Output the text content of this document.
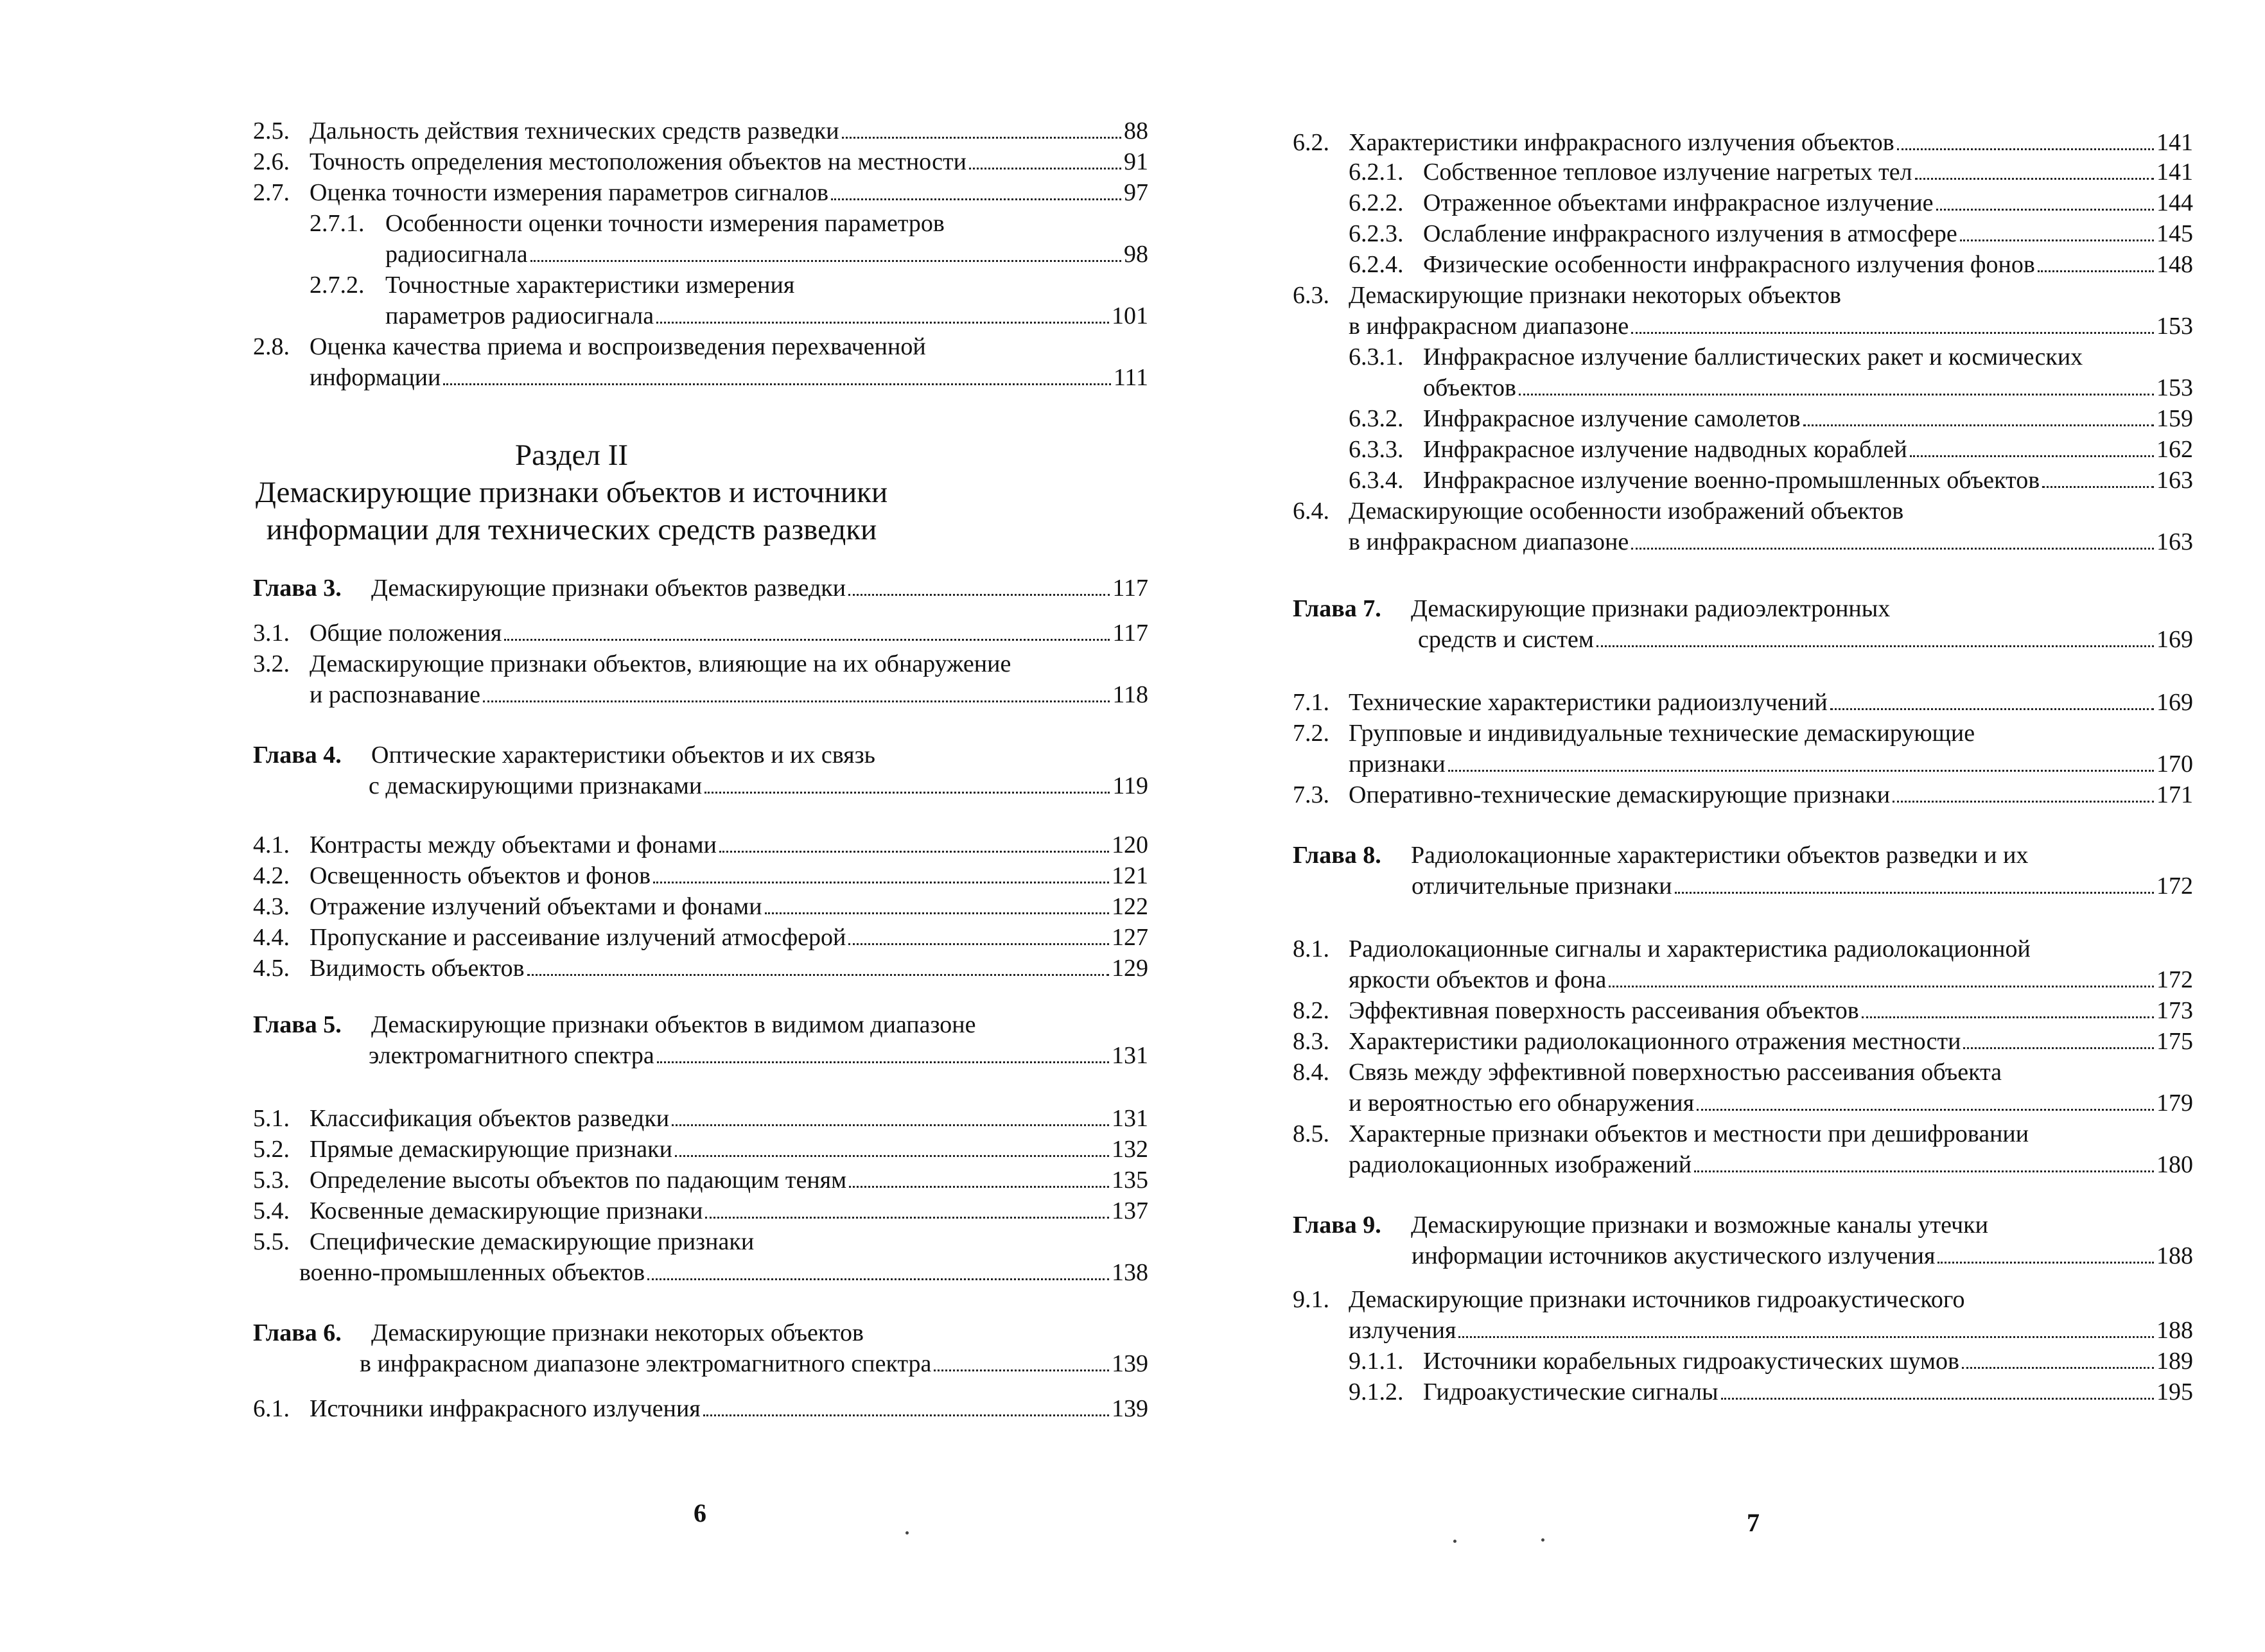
2.5. Дальность действия технических средств разведки	88
2.6. Точность определения местоположения объектов на местности	91
2.7. Оценка точности измерения параметров сигналов	97
2.7.1. Особенности оценки точности измерения параметров
радиосигнала	98
2.7.2. Точностные характеристики измерения
параметров радиосигнала	101
2.8. Оценка качества приема и воспроизведения перехваченной
информации	111
Раздел II
Демаскирующие признаки объектов и источники
информации для технических средств разведки
Глава 3. Демаскирующие признаки объектов разведки	117
3.1. Общие положения	117
3.2. Демаскирующие признаки объектов, влияющие на их обнаружение
и распознавание	118
Глава 4. Оптические характеристики объектов и их связь
с демаскирующими признаками	119
4.1. Контрасты между объектами и фонами	120
4.2. Освещенность объектов и фонов	121
4.3. Отражение излучений объектами и фонами	122
4.4. Пропускание и рассеивание излучений атмосферой	127
4.5. Видимость объектов	129
Глава 5. Демаскирующие признаки объектов в видимом диапазоне
электромагнитного спектра	131
5.1. Классификация объектов разведки	131
5.2. Прямые демаскирующие признаки	132
5.3. Определение высоты объектов по падающим теням	135
5.4. Косвенные демаскирующие признаки	137
5.5. Специфические демаскирующие признаки
военно-промышленных объектов	138
Глава 6. Демаскирующие признаки некоторых объектов
в инфракрасном диапазоне электромагнитного спектра	139
6.1. Источники инфракрасного излучения	139
6
6.2. Характеристики инфракрасного излучения объектов	141
6.2.1. Собственное тепловое излучение нагретых тел	141
6.2.2. Отраженное объектами инфракрасное излучение	144
6.2.3. Ослабление инфракрасного излучения в атмосфере	145
6.2.4. Физические особенности инфракрасного излучения фонов	148
6.3. Демаскирующие признаки некоторых объектов
в инфракрасном диапазоне	153
6.3.1. Инфракрасное излучение баллистических ракет и космических
объектов	153
6.3.2. Инфракрасное излучение самолетов	159
6.3.3. Инфракрасное излучение надводных кораблей	162
6.3.4. Инфракрасное излучение военно-промышленных объектов	163
6.4. Демаскирующие особенности изображений объектов
в инфракрасном диапазоне	163
Глава 7. Демаскирующие признаки радиоэлектронных
средств и систем	169
7.1. Технические характеристики радиоизлучений	169
7.2. Групповые и индивидуальные технические демаскирующие
признаки	170
7.3. Оперативно-технические демаскирующие признаки	171
Глава 8. Радиолокационные характеристики объектов разведки и их
отличительные признаки	172
8.1. Радиолокационные сигналы и характеристика радиолокационной
яркости объектов и фона	172
8.2. Эффективная поверхность рассеивания объектов	173
8.3. Характеристики радиолокационного отражения местности	175
8.4. Связь между эффективной поверхностью рассеивания объекта
и вероятностью его обнаружения	179
8.5. Характерные признаки объектов и местности при дешифровании
радиолокационных изображений	180
Глава 9. Демаскирующие признаки и возможные каналы утечки
информации источников акустического излучения	188
9.1. Демаскирующие признаки источников гидроакустического
излучения	188
9.1.1. Источники корабельных гидроакустических шумов	189
9.1.2. Гидроакустические сигналы	195
7
